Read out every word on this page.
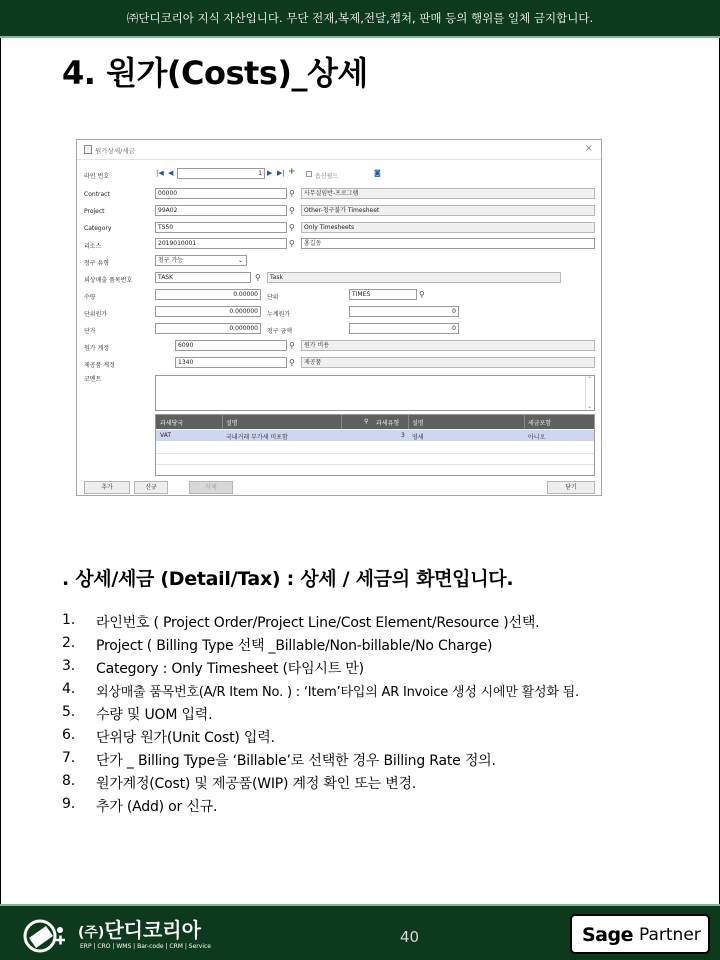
㈜단디코리아 지식 자산입니다. 무단 전재,복제,전달,캡쳐, 판매 등의 행위를 일체 금지합니다.
4. 원가(Costs)_상세
원가상세/세금	×
라인 번호	|◀ ◀	1 ▶ ▶| +	옵션필드	◙
Contract	00000	⚲	사무실임반-프로그램
Project	99A02	⚲	Other-청구불가 Timesheet
Category	TS50	⚲	Only Timesheets
리소스	2019010001	⚲	홍길동
청구 유형	청구 가능	⌄
외상매출 품목번호	TASK	⚲	Task
수량	0.00000	단위	TIMES	⚲
단위원가	0.000000	누계원가	0
단가	0.000000	청구 금액	0
원가 계정	6090	⚲	원가 비용
제공품 계정	1340	⚲	제공품
코멘트	⌃
⌄
과세당국	설명	⚲ 과세유형 설명	세금포함
VAT	국내거래 부가세 미포함	3 영세	아니오
추가	신규	삭제	닫기
. 상세/세금 (Detail/Tax) : 상세 / 세금의 화면입니다.
1.	라인번호 ( Project Order/Project Line/Cost Element/Resource )선택.
2.	Project ( Billing Type 선택 _Billable/Non-billable/No Charge)
3.	Category : Only Timesheet (타임시트 만)
4.	외상매출 품목번호(A/R Item No. ) : ‘Item’타입의 AR Invoice 생성 시에만 활성화 됨.
5.	수량 및 UOM 입력.
6.	단위당 원가(Unit Cost) 입력.
7.	단가 _ Billing Type을 ‘Billable’로 선택한 경우 Billing Rate 정의.
8.	원가계정(Cost) 및 제공품(WIP) 계정 확인 또는 변경.
9.	추가 (Add) or 신규.
(주)단디코리아
ERP | CRO | WMS | Bar-code | CRM | Service
40	Sage Partner
